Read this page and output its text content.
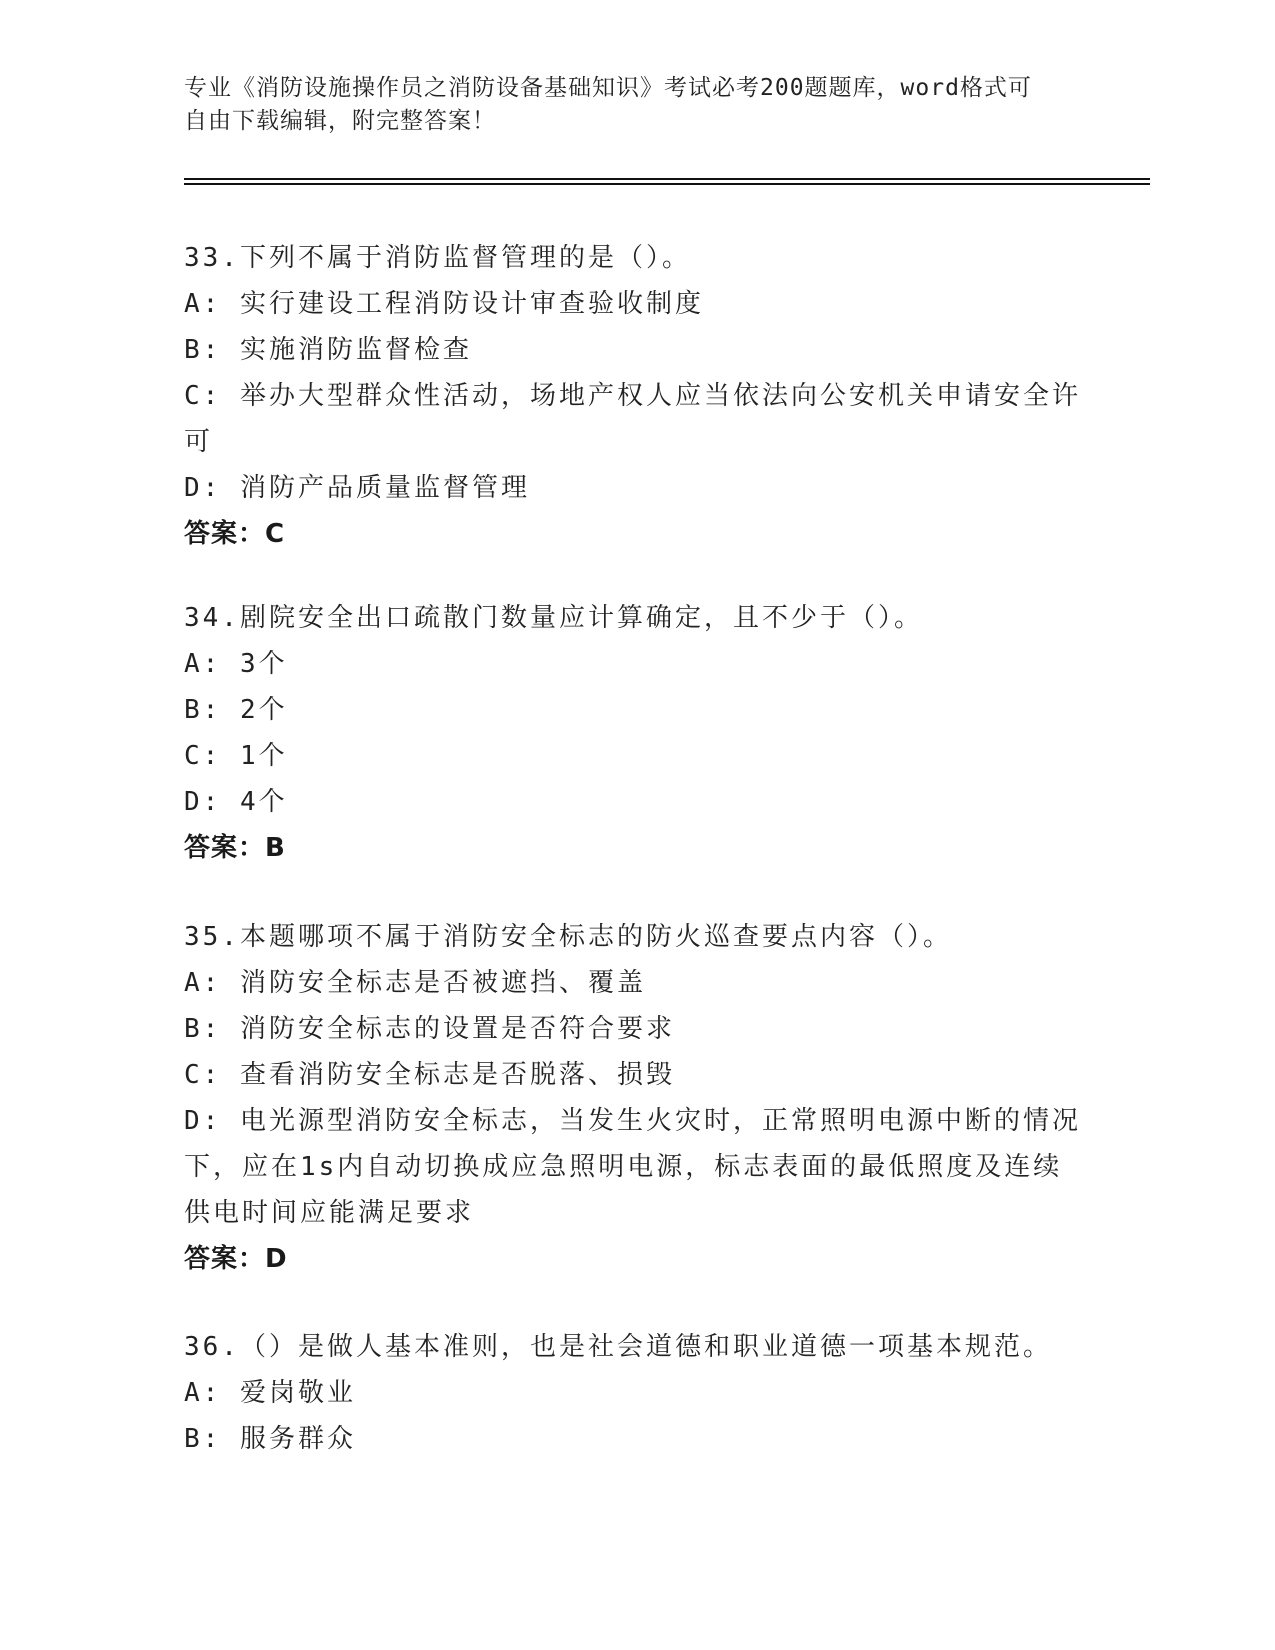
专业《消防设施操作员之消防设备基础知识》考试必考200题题库，word格式可
自由下载编辑，附完整答案！
33.下列不属于消防监督管理的是（）。
A: 实行建设工程消防设计审查验收制度
B: 实施消防监督检查
C: 举办大型群众性活动，场地产权人应当依法向公安机关申请安全许
可
D: 消防产品质量监督管理
答案：C
34.剧院安全出口疏散门数量应计算确定，且不少于（）。
A: 3个
B: 2个
C: 1个
D: 4个
答案：B
35.本题哪项不属于消防安全标志的防火巡查要点内容（）。
A: 消防安全标志是否被遮挡、覆盖
B: 消防安全标志的设置是否符合要求
C: 查看消防安全标志是否脱落、损毁
D: 电光源型消防安全标志，当发生火灾时，正常照明电源中断的情况
下，应在1s内自动切换成应急照明电源，标志表面的最低照度及连续
供电时间应能满足要求
答案：D
36.（）是做人基本准则，也是社会道德和职业道德一项基本规范。
A: 爱岗敬业
B: 服务群众
